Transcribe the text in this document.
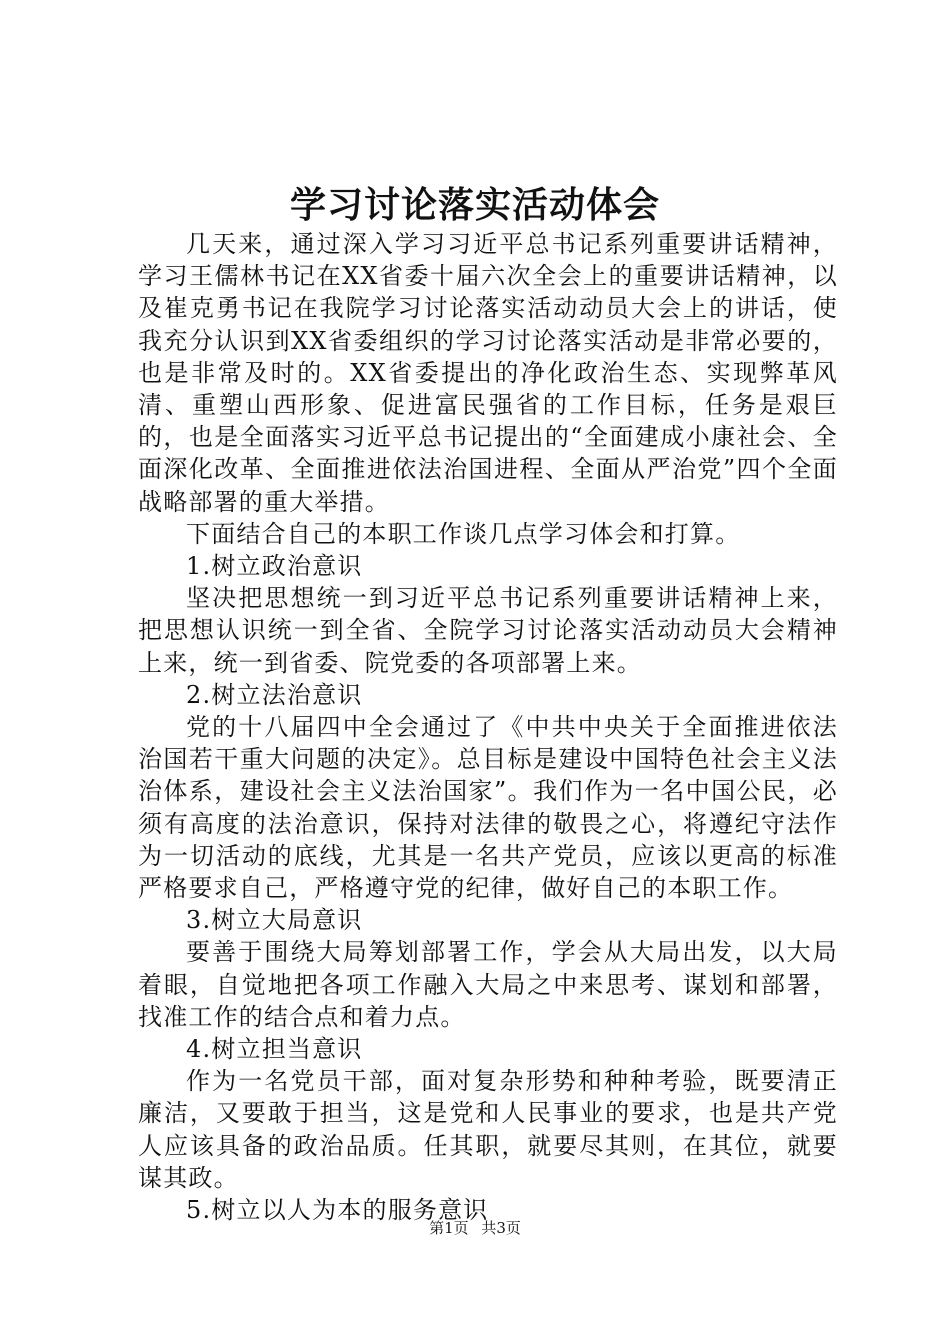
学习讨论落实活动体会

几天来，通过深入学习习近平总书记系列重要讲话精神，学习王儒林书记在XX省委十届六次全会上的重要讲话精神，以及崔克勇书记在我院学习讨论落实活动动员大会上的讲话，使我充分认识到XX省委组织的学习讨论落实活动是非常必要的，也是非常及时的。XX省委提出的净化政治生态、实现弊革风清、重塑山西形象、促进富民强省的工作目标，任务是艰巨的，也是全面落实习近平总书记提出的“全面建成小康社会、全面深化改革、全面推进依法治国进程、全面从严治党”四个全面战略部署的重大举措。

下面结合自己的本职工作谈几点学习体会和打算。

1.树立政治意识

坚决把思想统一到习近平总书记系列重要讲话精神上来，把思想认识统一到全省、全院学习讨论落实活动动员大会精神上来，统一到省委、院党委的各项部署上来。

2.树立法治意识

党的十八届四中全会通过了《中共中央关于全面推进依法治国若干重大问题的决定》。总目标是建设中国特色社会主义法治体系，建设社会主义法治国家”。我们作为一名中国公民，必须有高度的法治意识，保持对法律的敬畏之心，将遵纪守法作为一切活动的底线，尤其是一名共产党员，应该以更高的标准严格要求自己，严格遵守党的纪律，做好自己的本职工作。

3.树立大局意识

要善于围绕大局筹划部署工作，学会从大局出发，以大局着眼，自觉地把各项工作融入大局之中来思考、谋划和部署，找准工作的结合点和着力点。

4.树立担当意识

作为一名党员干部，面对复杂形势和种种考验，既要清正廉洁，又要敢于担当，这是党和人民事业的要求，也是共产党人应该具备的政治品质。任其职，就要尽其则，在其位，就要谋其政。

5.树立以人为本的服务意识

第1页 共3页
